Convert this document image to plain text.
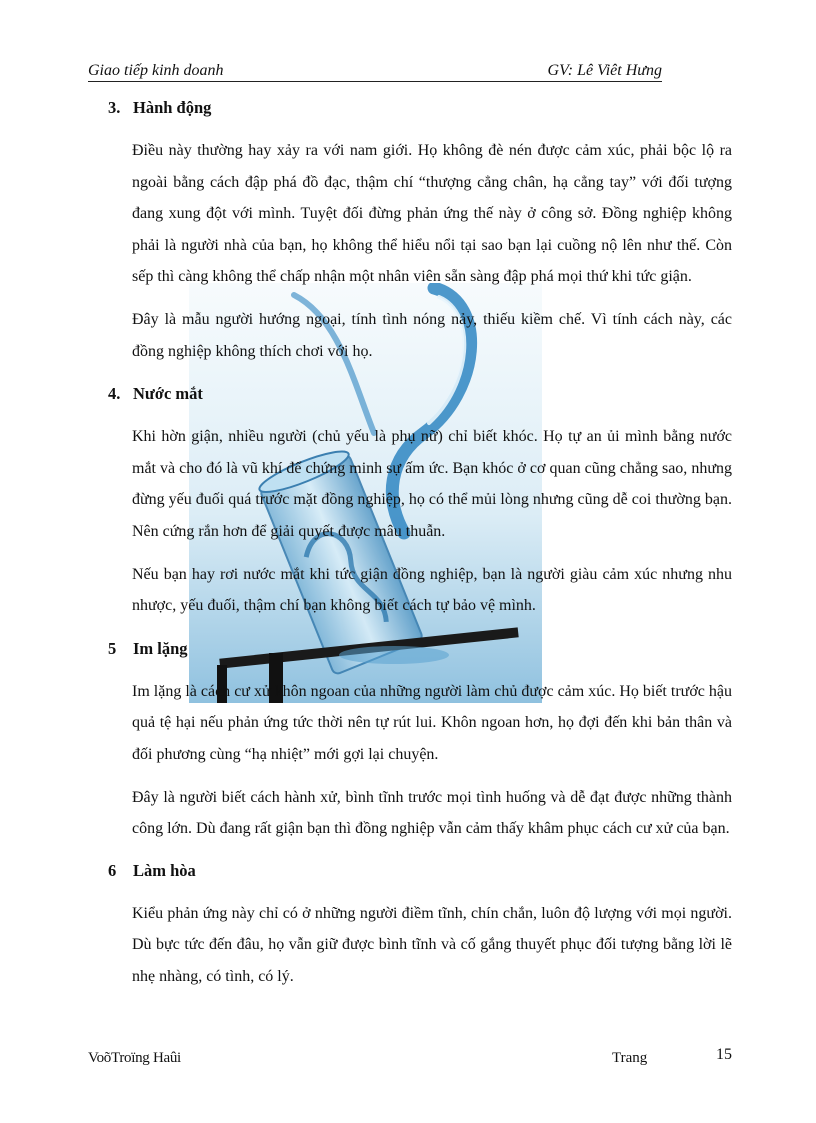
Giao tiếp kinh doanh	GV: Lê Viêt Hưng
3. Hành động

Điều này thường hay xảy ra với nam giới. Họ không đè nén được cảm xúc, phải bộc lộ ra ngoài bằng cách đập phá đồ đạc, thậm chí “thượng cẳng chân, hạ cẳng tay” với đối tượng đang xung đột với mình. Tuyệt đối đừng phản ứng thế này ở công sở. Đồng nghiệp không phải là người nhà của bạn, họ không thể hiểu nổi tại sao bạn lại cuồng nộ lên như thế. Còn sếp thì càng không thể chấp nhận một nhân viên sẵn sàng đập phá mọi thứ khi tức giận.

Đây là mẫu người hướng ngoại, tính tình nóng nảy, thiếu kiềm chế. Vì tính cách này, các đồng nghiệp không thích chơi với họ.

4. Nước mắt

Khi hờn giận, nhiều người (chủ yếu là phụ nữ) chỉ biết khóc. Họ tự an ủi mình bằng nước mắt và cho đó là vũ khí để chứng minh sự ấm ức. Bạn khóc ở cơ quan cũng chẳng sao, nhưng đừng yếu đuối quá trước mặt đồng nghiệp, họ có thể mủi lòng nhưng cũng dễ coi thường bạn. Nên cứng rắn hơn để giải quyết được mâu thuẫn.

Nếu bạn hay rơi nước mắt khi tức giận đồng nghiệp, bạn là người giàu cảm xúc nhưng nhu nhược, yếu đuối, thậm chí bạn không biết cách tự bảo vệ mình.

5	Im lặng

Im lặng là cách cư xử khôn ngoan của những người làm chủ được cảm xúc. Họ biết trước hậu quả tệ hại nếu phản ứng tức thời nên tự rút lui. Khôn ngoan hơn, họ đợi đến khi bản thân và đối phương cùng “hạ nhiệt” mới gợi lại chuyện.

Đây là người biết cách hành xử, bình tĩnh trước mọi tình huống và dễ đạt được những thành công lớn. Dù đang rất giận bạn thì đồng nghiệp vẫn cảm thấy khâm phục cách cư xử của bạn.

6	Làm hòa

Kiểu phản ứng này chỉ có ở những người điềm tĩnh, chín chắn, luôn độ lượng với mọi người. Dù bực tức đến đâu, họ vẫn giữ được bình tĩnh và cố gắng thuyết phục đối tượng bằng lời lẽ nhẹ nhàng, có tình, có lý.

VoõTroïng Haûi	Trang	15
